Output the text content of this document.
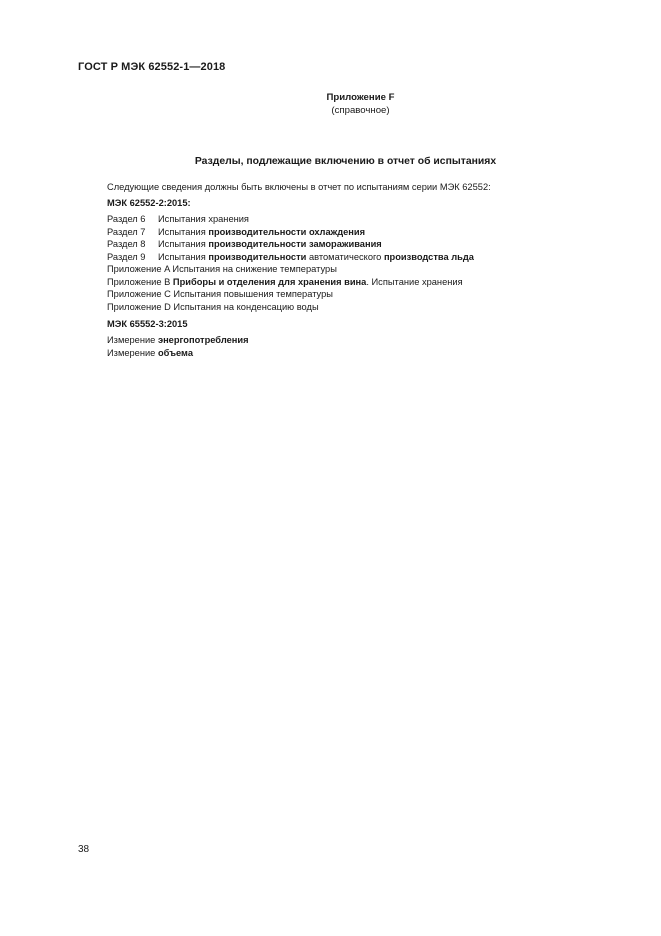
ГОСТ Р МЭК 62552-1—2018
Приложение F
(справочное)
Разделы, подлежащие включению в отчет об испытаниях
Следующие сведения должны быть включены в отчет по испытаниям серии МЭК 62552:
МЭК 62552-2:2015:
Раздел 6 Испытания хранения
Раздел 7 Испытания производительности охлаждения
Раздел 8 Испытания производительности замораживания
Раздел 9 Испытания производительности автоматического производства льда
Приложение A Испытания на снижение температуры
Приложение B Приборы и отделения для хранения вина. Испытание хранения
Приложение C Испытания повышения температуры
Приложение D Испытания на конденсацию воды
МЭК 65552-3:2015
Измерение энергопотребления
Измерение объема
38
